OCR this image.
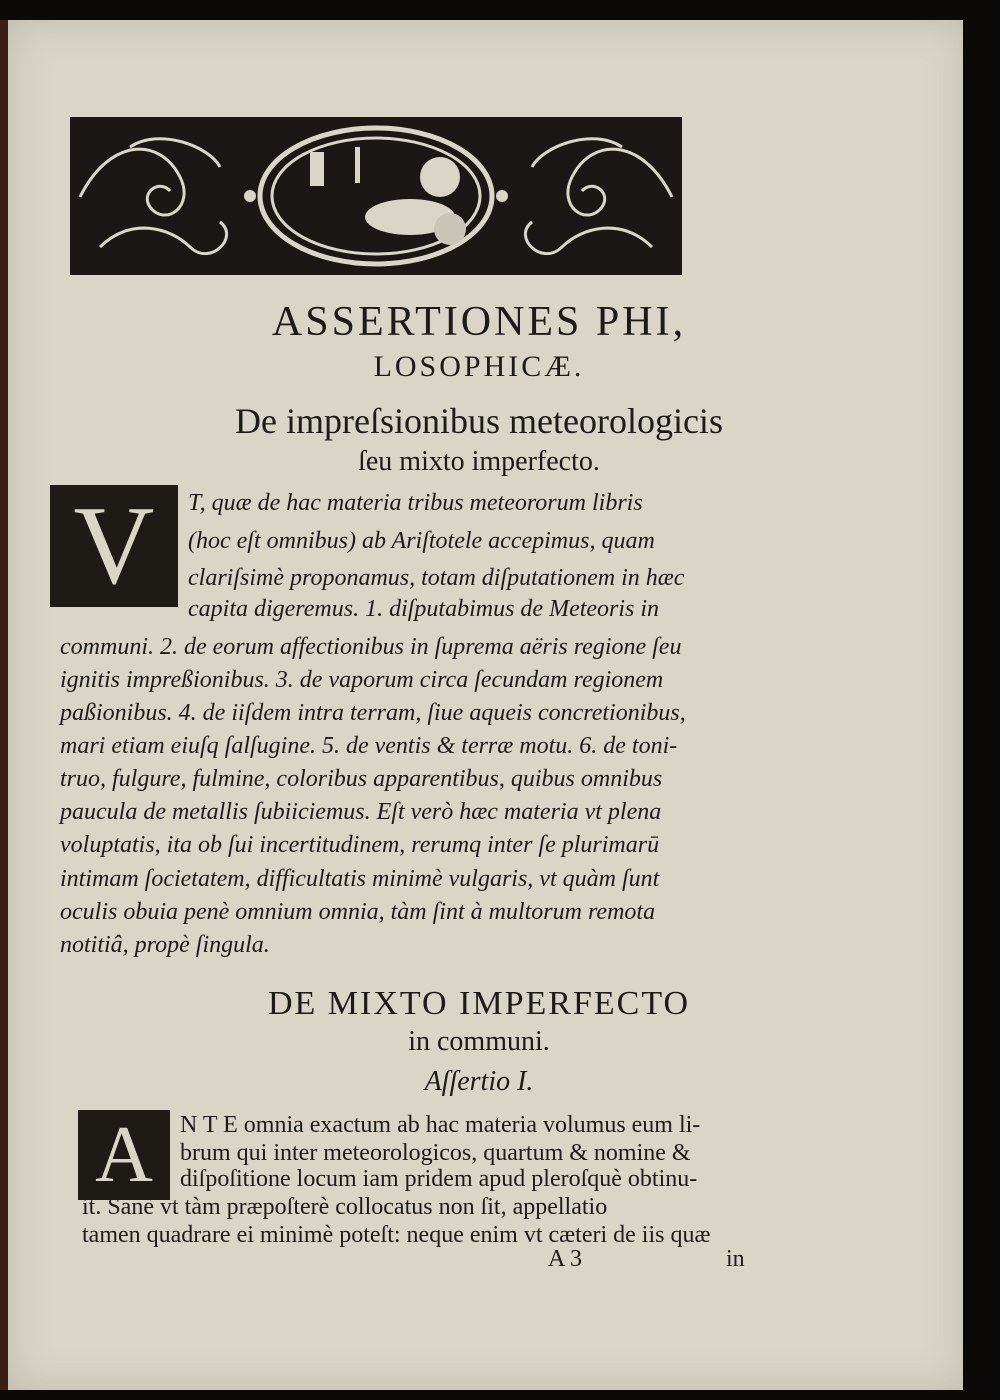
ASSERTIONES PHI,
LOSOPHICÆ.
De impreſsionibus meteorologicis
ſeu mixto imperfecto.
V	T, quæ de hac materia tribus meteororum libris
(hoc eſt omnibus) ab Ariſtotele accepimus, quam
clariſsimè proponamus, totam diſputationem in hæc
capita digeremus. 1. diſputabimus de Meteoris in
communi. 2. de eorum affectionibus in ſuprema aëris regione ſeu
ignitis impreßionibus. 3. de vaporum circa ſecundam regionem
paßionibus. 4. de iiſdem intra terram, ſiue aqueis concretionibus,
mari etiam eiuſq ſalſugine. 5. de ventis & terræ motu. 6. de toni-
truo, fulgure, fulmine, coloribus apparentibus, quibus omnibus
paucula de metallis ſubiiciemus. Eſt verò hæc materia vt plena
voluptatis, ita ob ſui incertitudinem, rerumq inter ſe plurimarū
intimam ſocietatem, difficultatis minimè vulgaris, vt quàm ſunt
oculis obuia penè omnium omnia, tàm ſint à multorum remota
notitiâ, propè ſingula.
DE MIXTO IMPERFECTO
in communi.
Aſſertio I.
A	N T E omnia exactum ab hac materia volumus eum li-
brum qui inter meteorologicos, quartum & nomine &
diſpoſitione locum iam pridem apud pleroſquè obtinu-
it. Sanè vt tàm præpoſterè collocatus non ſit, appellatio
tamen quadrare ei minimè poteſt: neque enim vt cæteri de iis quæ
A 3	in
